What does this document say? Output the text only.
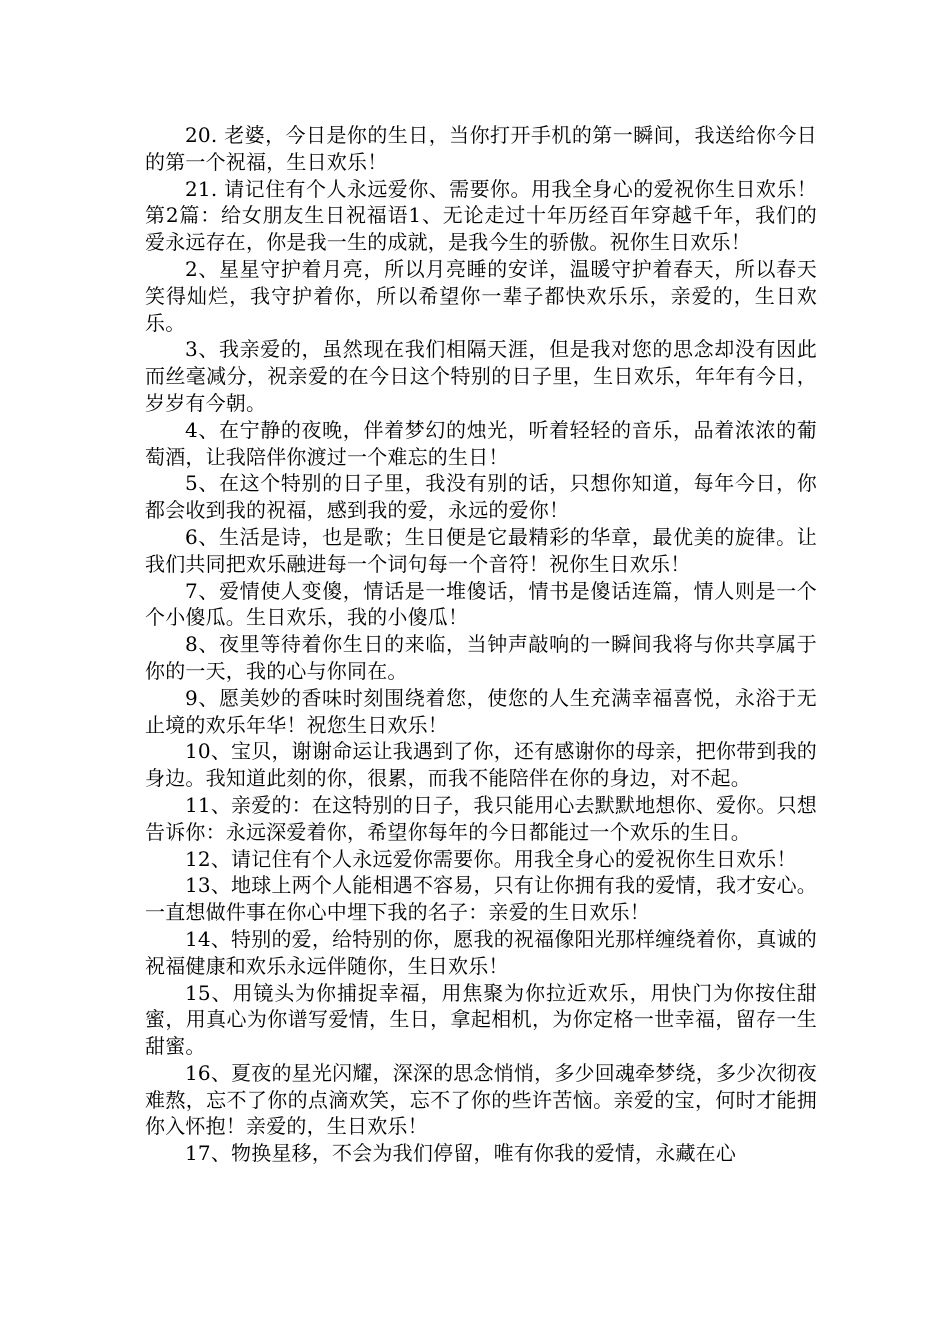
20. 老婆，今日是你的生日，当你打开手机的第一瞬间，我送给你今日的第一个祝福，生日欢乐！

21. 请记住有个人永远爱你、需要你。用我全身心的爱祝你生日欢乐！第2篇：给女朋友生日祝福语1、无论走过十年历经百年穿越千年，我们的爱永远存在，你是我一生的成就，是我今生的骄傲。祝你生日欢乐！

2、星星守护着月亮，所以月亮睡的安详，温暖守护着春天，所以春天笑得灿烂，我守护着你，所以希望你一辈子都快欢乐乐，亲爱的，生日欢乐。

3、我亲爱的，虽然现在我们相隔天涯，但是我对您的思念却没有因此而丝毫减分，祝亲爱的在今日这个特别的日子里，生日欢乐，年年有今日，岁岁有今朝。

4、在宁静的夜晚，伴着梦幻的烛光，听着轻轻的音乐，品着浓浓的葡萄酒，让我陪伴你渡过一个难忘的生日！

5、在这个特别的日子里，我没有别的话，只想你知道，每年今日，你都会收到我的祝福，感到我的爱，永远的爱你！

6、生活是诗，也是歌；生日便是它最精彩的华章，最优美的旋律。让我们共同把欢乐融进每一个词句每一个音符！祝你生日欢乐！

7、爱情使人变傻，情话是一堆傻话，情书是傻话连篇，情人则是一个个小傻瓜。生日欢乐，我的小傻瓜！

8、夜里等待着你生日的来临，当钟声敲响的一瞬间我将与你共享属于你的一天，我的心与你同在。

9、愿美妙的香味时刻围绕着您，使您的人生充满幸福喜悦，永浴于无止境的欢乐年华！祝您生日欢乐！

10、宝贝，谢谢命运让我遇到了你，还有感谢你的母亲，把你带到我的身边。我知道此刻的你，很累，而我不能陪伴在你的身边，对不起。

11、亲爱的：在这特别的日子，我只能用心去默默地想你、爱你。只想告诉你：永远深爱着你，希望你每年的今日都能过一个欢乐的生日。

12、请记住有个人永远爱你需要你。用我全身心的爱祝你生日欢乐！

13、地球上两个人能相遇不容易，只有让你拥有我的爱情，我才安心。一直想做件事在你心中埋下我的名子：亲爱的生日欢乐！

14、特别的爱，给特别的你，愿我的祝福像阳光那样缠绕着你，真诚的祝福健康和欢乐永远伴随你，生日欢乐！

15、用镜头为你捕捉幸福，用焦聚为你拉近欢乐，用快门为你按住甜蜜，用真心为你谱写爱情，生日，拿起相机，为你定格一世幸福，留存一生甜蜜。

16、夏夜的星光闪耀，深深的思念悄悄，多少回魂牵梦绕，多少次彻夜难熬，忘不了你的点滴欢笑，忘不了你的些许苦恼。亲爱的宝，何时才能拥你入怀抱！亲爱的，生日欢乐！

17、物换星移，不会为我们停留，唯有你我的爱情，永藏在心
